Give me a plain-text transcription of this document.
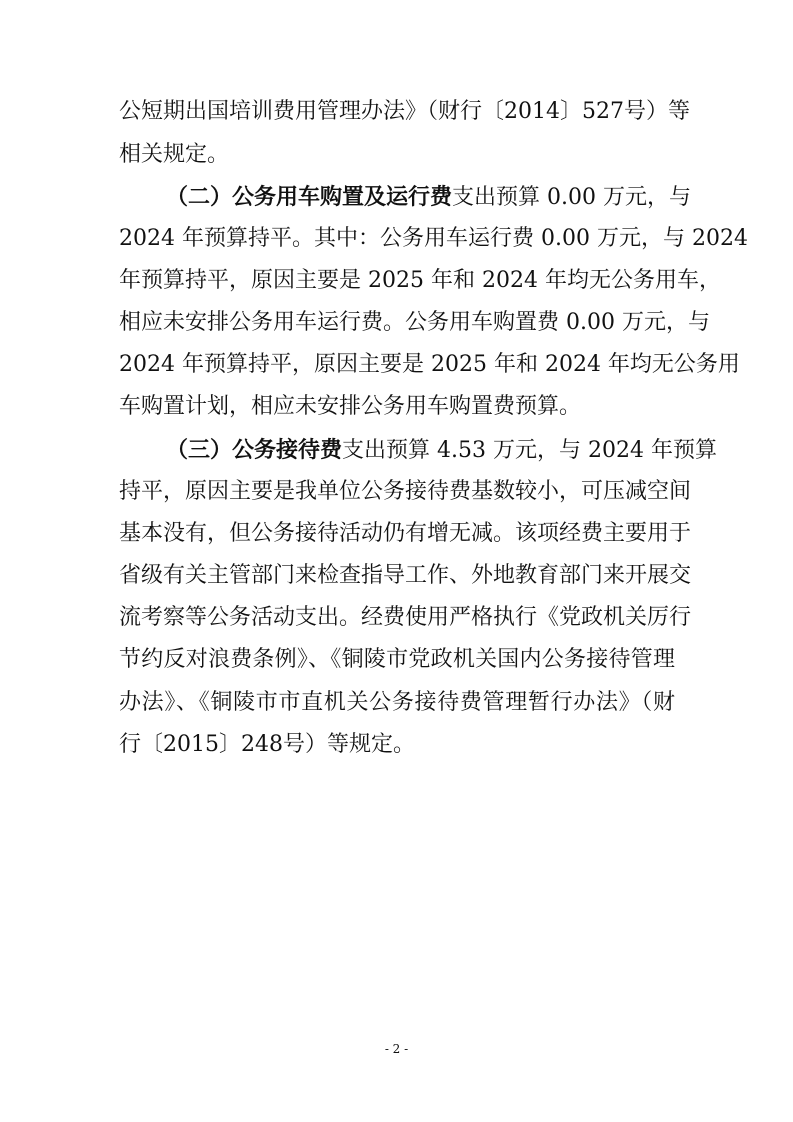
公短期出国培训费用管理办法》（财行〔2014〕527号）等
相关规定。
（二）公务用车购置及运行费支出预算 0.00 万元，与
2024 年预算持平。其中：公务用车运行费 0.00 万元，与 2024
年预算持平，原因主要是 2025 年和 2024 年均无公务用车，
相应未安排公务用车运行费。公务用车购置费 0.00 万元，与
2024 年预算持平，原因主要是 2025 年和 2024 年均无公务用
车购置计划，相应未安排公务用车购置费预算。
（三）公务接待费支出预算 4.53 万元，与 2024 年预算
持平，原因主要是我单位公务接待费基数较小，可压减空间
基本没有，但公务接待活动仍有增无减。该项经费主要用于
省级有关主管部门来检查指导工作、外地教育部门来开展交
流考察等公务活动支出。经费使用严格执行《党政机关厉行
节约反对浪费条例》、《铜陵市党政机关国内公务接待管理
办法》、《铜陵市市直机关公务接待费管理暂行办法》（财
行〔2015〕248号）等规定。
- 2 -
